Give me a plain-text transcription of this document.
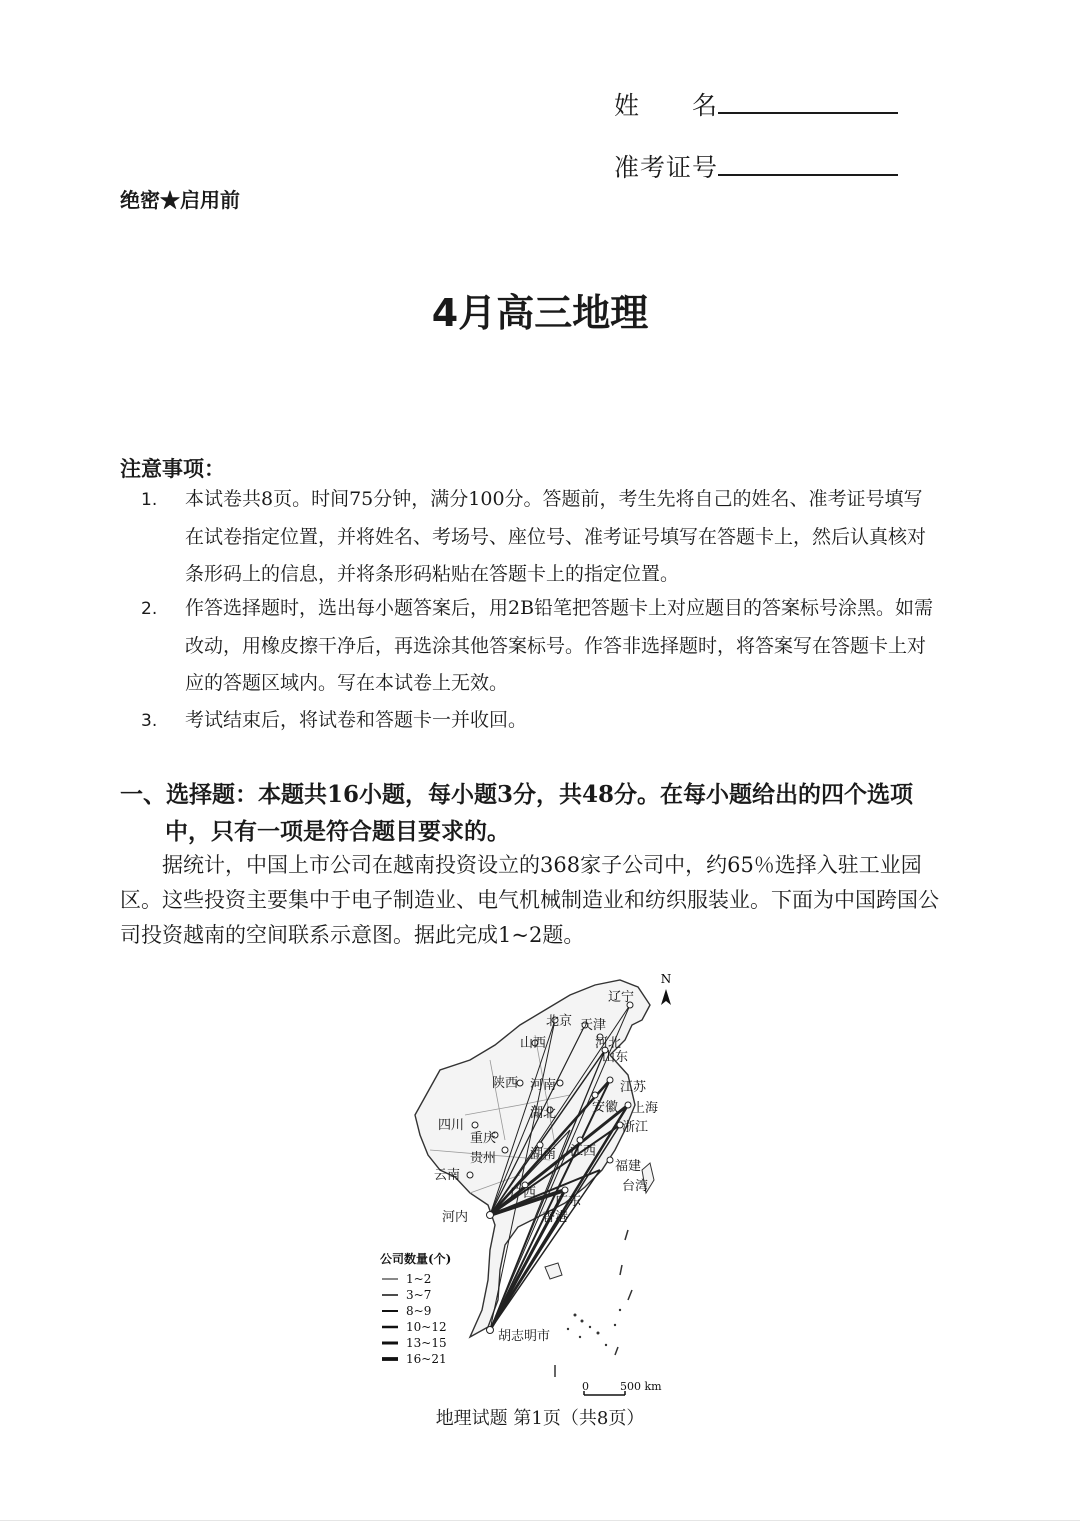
姓　　名
准考证号
绝密★启用前
4月高三地理
注意事项：
1. 本试卷共8页。时间75分钟，满分100分。答题前，考生先将自己的姓名、准考证号填写在试卷指定位置，并将姓名、考场号、座位号、准考证号填写在答题卡上，然后认真核对条形码上的信息，并将条形码粘贴在答题卡上的指定位置。
2. 作答选择题时，选出每小题答案后，用2B铅笔把答题卡上对应题目的答案标号涂黑。如需改动，用橡皮擦干净后，再选涂其他答案标号。作答非选择题时，将答案写在答题卡上对应的答题区域内。写在本试卷上无效。
3. 考试结束后，将试卷和答题卡一并收回。
一、选择题：本题共16小题，每小题3分，共48分。在每小题给出的四个选项
中，只有一项是符合题目要求的。
据统计，中国上市公司在越南投资设立的368家子公司中，约65％选择入驻工业园区。这些投资主要集中于电子制造业、电气机械制造业和纺织服装业。下面为中国跨国公司投资越南的空间联系示意图。据此完成1~2题。
辽宁
北京 天津
河北
山西
山东
陕西 河南	江苏
安徽 上海
湖北
浙江
四川
重庆
贵州	湖南 江西
福建
云南
广西
广东
台湾
香港
河内
胡志明市
N
公司数量(个)
1~2
3~7
8~9
10~12
13~15
16~21
0	500 km
地理试题 第1页（共8页）
